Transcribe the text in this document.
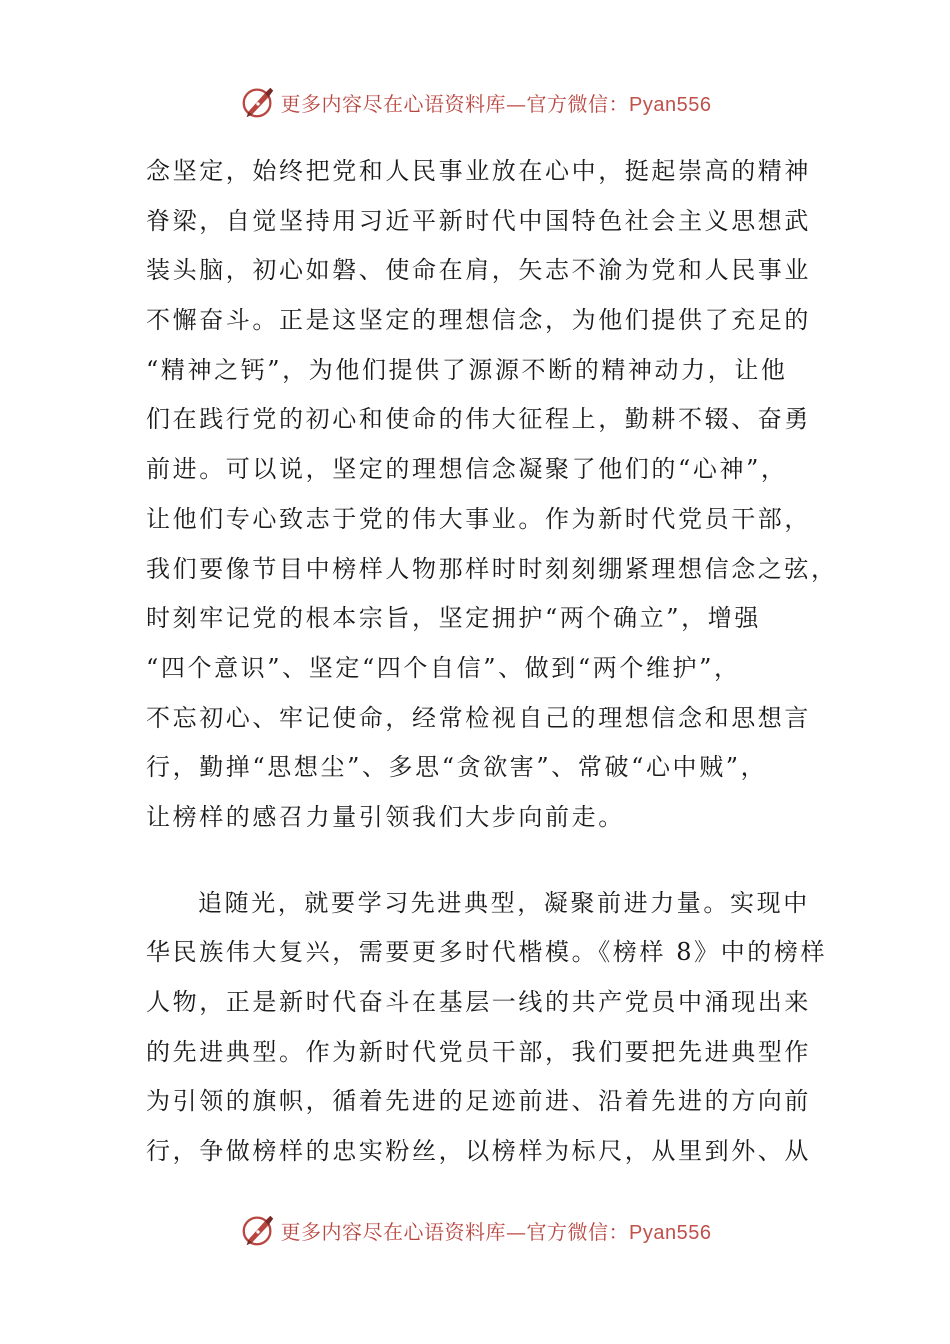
更多内容尽在心语资料库—官方微信：Pyan556
念坚定，始终把党和人民事业放在心中，挺起崇高的精神
脊梁，自觉坚持用习近平新时代中国特色社会主义思想武
装头脑，初心如磐、使命在肩，矢志不渝为党和人民事业
不懈奋斗。正是这坚定的理想信念，为他们提供了充足的
“精神之钙”，为他们提供了源源不断的精神动力，让他
们在践行党的初心和使命的伟大征程上，勤耕不辍、奋勇
前进。可以说，坚定的理想信念凝聚了他们的“心神”，
让他们专心致志于党的伟大事业。作为新时代党员干部，
我们要像节目中榜样人物那样时时刻刻绷紧理想信念之弦，
时刻牢记党的根本宗旨，坚定拥护“两个确立”，增强
“四个意识”、坚定“四个自信”、做到“两个维护”，
不忘初心、牢记使命，经常检视自己的理想信念和思想言
行，勤掸“思想尘”、多思“贪欲害”、常破“心中贼”，
让榜样的感召力量引领我们大步向前走。
追随光，就要学习先进典型，凝聚前进力量。实现中
华民族伟大复兴，需要更多时代楷模。《榜样 8》中的榜样
人物，正是新时代奋斗在基层一线的共产党员中涌现出来
的先进典型。作为新时代党员干部，我们要把先进典型作
为引领的旗帜，循着先进的足迹前进、沿着先进的方向前
行，争做榜样的忠实粉丝，以榜样为标尺，从里到外、从
更多内容尽在心语资料库—官方微信：Pyan556
